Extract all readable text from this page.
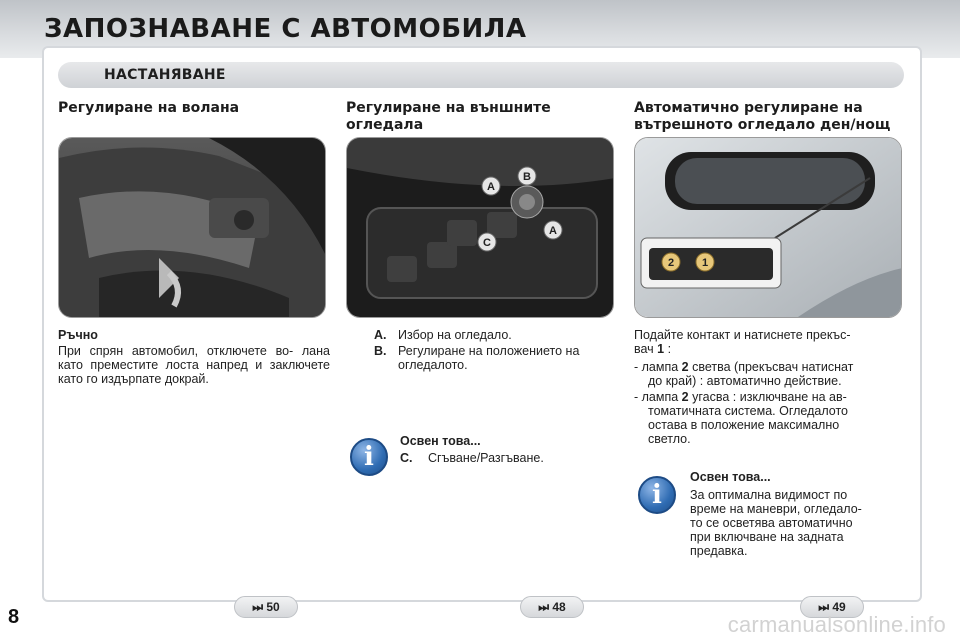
ЗАПОЗНАВАНЕ С АВТОМОБИЛА
НАСТАНЯВАНЕ
Регулиране на волана
Ръчно
При спрян автомобил, отключете во- лана като преместите лоста напред и заключете като го издърпате докрай.
⏭ 50
Регулиране на външните
огледала
A
B
C
A
A. Избор на огледало.
B. Регулиране на положението на
огледалото.
i
Освен това...
C. Сгъване/Разгъване.
⏭ 48
Автоматично регулиране на
вътрешното огледало ден/нощ
2	1
Подайте контакт и натиснете прекъс-
вач 1 :
- лампа 2 светва (прекъсвач натиснат
до край) : автоматично действие.
- лампа 2 угасва : изключване на ав-
томатичната система. Огледалото
остава в положение максимално
светло.
i
Освен това...
За оптимална видимост по
време на маневри, огледало-
то се осветява автоматично
при включване на задната
предавка.
⏭ 49
8	carmanualsonline.info
